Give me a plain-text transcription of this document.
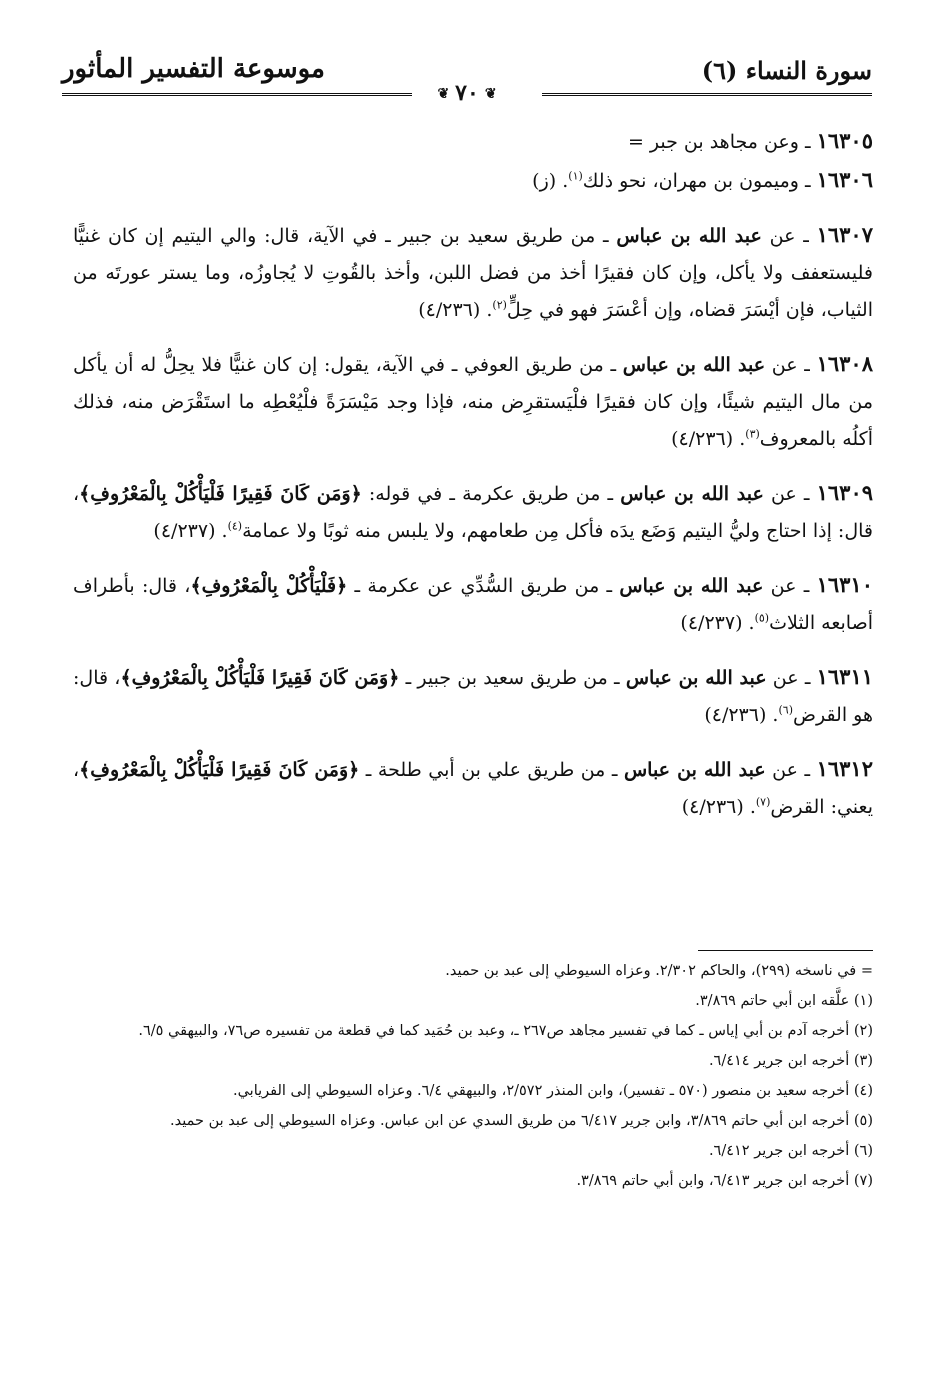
سورة النساء (٦)
موسوعة التفسير المأثور
❦٧٠❦

١٦٣٠٥ ـ وعن مجاهد بن جبر =

١٦٣٠٦ ـ وميمون بن مهران، نحو ذلك$^{(١)}$. (ز)

١٦٣٠٧ ـ عن عبد الله بن عباس ـ من طريق سعيد بن جبير ـ في الآية، قال: والي اليتيم إن كان غنيًّا فليستعفف ولا يأكل، وإن كان فقيرًا أخذ من فضل اللبن، وأخذ بالقُوتِ لا يُجاوزُه، وما يستر عورتَه من الثياب، فإن أيْسَرَ قضاه، وإن أعْسَرَ فهو في حِلٍّ$^{(٢)}$. (٤/٢٣٦)

١٦٣٠٨ ـ عن عبد الله بن عباس ـ من طريق العوفي ـ في الآية، يقول: إن كان غنيًّا فلا يحِلُّ له أن يأكل من مال اليتيم شيئًا، وإن كان فقيرًا فلْيَستقرِض منه، فإذا وجد مَيْسَرَةً فلْيُعْطِه ما استَقْرَض منه، فذلك أكلُه بالمعروف$^{(٣)}$. (٤/٢٣٦)

١٦٣٠٩ ـ عن عبد الله بن عباس ـ من طريق عكرمة ـ في قوله: ﴿وَمَن كَانَ فَقِيرًا فَلْيَأْكُلْ بِالْمَعْرُوفِ﴾، قال: إذا احتاج وليُّ اليتيم وَضَع يدَه فأكل مِن طعامهم، ولا يلبس منه ثوبًا ولا عمامة$^{(٤)}$. (٤/٢٣٧)

١٦٣١٠ ـ عن عبد الله بن عباس ـ من طريق السُّدِّي عن عكرمة ـ ﴿فَلْيَأْكُلْ بِالْمَعْرُوفِ﴾، قال: بأطراف أصابعه الثلاث$^{(٥)}$. (٤/٢٣٧)

١٦٣١١ ـ عن عبد الله بن عباس ـ من طريق سعيد بن جبير ـ ﴿وَمَن كَانَ فَقِيرًا فَلْيَأْكُلْ بِالْمَعْرُوفِ﴾، قال: هو القرض$^{(٦)}$. (٤/٢٣٦)

١٦٣١٢ ـ عن عبد الله بن عباس ـ من طريق علي بن أبي طلحة ـ ﴿وَمَن كَانَ فَقِيرًا فَلْيَأْكُلْ بِالْمَعْرُوفِ﴾، يعني: القرض$^{(٧)}$. (٤/٢٣٦)

= في ناسخه (٢٩٩)، والحاكم ٢/٣٠٢. وعزاه السيوطي إلى عبد بن حميد.

(١) علَّقه ابن أبي حاتم ٣/٨٦٩.

(٢) أخرجه آدم بن أبي إياس ـ كما في تفسير مجاهد ص٢٦٧ ـ، وعبد بن حُمَيد كما في قطعة من تفسيره ص٧٦، والبيهقي ٦/٥.

(٣) أخرجه ابن جرير ٦/٤١٤.

(٤) أخرجه سعيد بن منصور (٥٧٠ ـ تفسير)، وابن المنذر ٢/٥٧٢، والبيهقي ٦/٤. وعزاه السيوطي إلى الفريابي.

(٥) أخرجه ابن أبي حاتم ٣/٨٦٩، وابن جرير ٦/٤١٧ من طريق السدي عن ابن عباس. وعزاه السيوطي إلى عبد بن حميد.

(٦) أخرجه ابن جرير ٦/٤١٢.

(٧) أخرجه ابن جرير ٦/٤١٣، وابن أبي حاتم ٣/٨٦٩.
